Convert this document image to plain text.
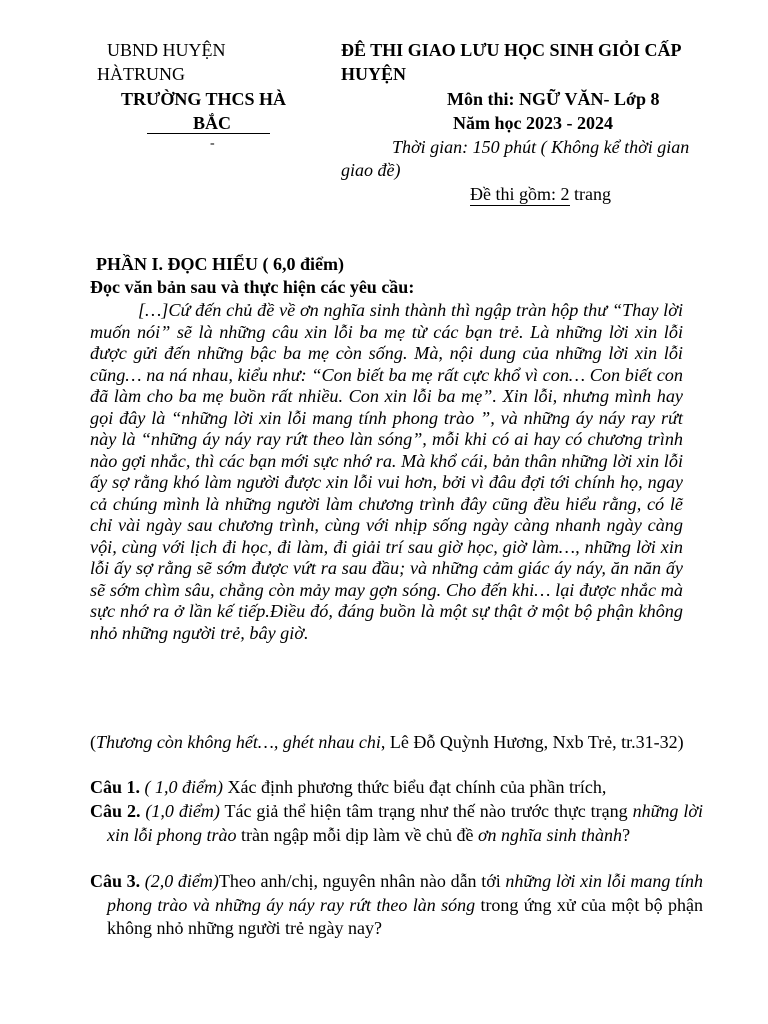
UBND HUYỆN
HÀTRUNG
TRƯỜNG THCS HÀ
BẮC
-
ĐÊ THI GIAO LƯU HỌC SINH GIỎI CẤP
HUYỆN
Môn thi: NGỮ VĂN- Lớp 8
Năm học 2023 - 2024
Thời gian: 150 phút ( Không kể thời gian
giao đề)
Đề thi gồm: 2 trang
PHẦN I. ĐỌC HIỂU ( 6,0 điểm)
Đọc văn bản sau và thực hiện các yêu cầu:

[…]Cứ đến chủ đề về ơn nghĩa sinh thành thì ngập tràn hộp thư “Thay lời muốn nói” sẽ là những câu xin lỗi ba mẹ từ các bạn trẻ. Là những lời xin lỗi được gửi đến những bậc ba mẹ còn sống. Mà, nội dung của những lời xin lỗi cũng… na ná nhau, kiểu như: “Con biết ba mẹ rất cực khổ vì con… Con biết con đã làm cho ba mẹ buồn rất nhiều. Con xin lỗi ba mẹ”. Xin lỗi, nhưng mình hay gọi đây là “những lời xin lỗi mang tính phong trào ”, và những áy náy ray rứt này là “những áy náy ray rứt theo làn sóng”, mỗi khi có ai hay có chương trình nào gợi nhắc, thì các bạn mới sực nhớ ra. Mà khổ cái, bản thân những lời xin lỗi ấy sợ rằng khó làm người được xin lỗi vui hơn, bởi vì đâu đợi tới chính họ, ngay cả chúng mình là những người làm chương trình đây cũng đều hiểu rằng, có lẽ chỉ vài ngày sau chương trình, cùng với nhịp sống ngày càng nhanh ngày càng vội, cùng với lịch đi học, đi làm, đi giải trí sau giờ học, giờ làm…, những lời xin lỗi ấy sợ rằng sẽ sớm được vứt ra sau đầu; và những cảm giác áy náy, ăn năn ấy sẽ sớm chìm sâu, chẳng còn mảy may gợn sóng. Cho đến khi… lại được nhắc mà sực nhớ ra ở lần kế tiếp.Điều đó, đáng buồn là một sự thật ở một bộ phận không nhỏ những người trẻ, bây giờ.

(Thương còn không hết…, ghét nhau chi, Lê Đỗ Quỳnh Hương, Nxb Trẻ, tr.31-32)

Câu 1. ( 1,0 điểm) Xác định phương thức biểu đạt chính của phần trích,

Câu 2. (1,0 điểm) Tác giả thể hiện tâm trạng như thế nào trước thực trạng những lời xin lỗi phong trào tràn ngập mỗi dịp làm về chủ đề ơn nghĩa sinh thành?

Câu 3. (2,0 điểm)Theo anh/chị, nguyên nhân nào dẫn tới những lời xin lỗi mang tính phong trào và những áy náy ray rứt theo làn sóng trong ứng xử của một bộ phận không nhỏ những người trẻ ngày nay?
